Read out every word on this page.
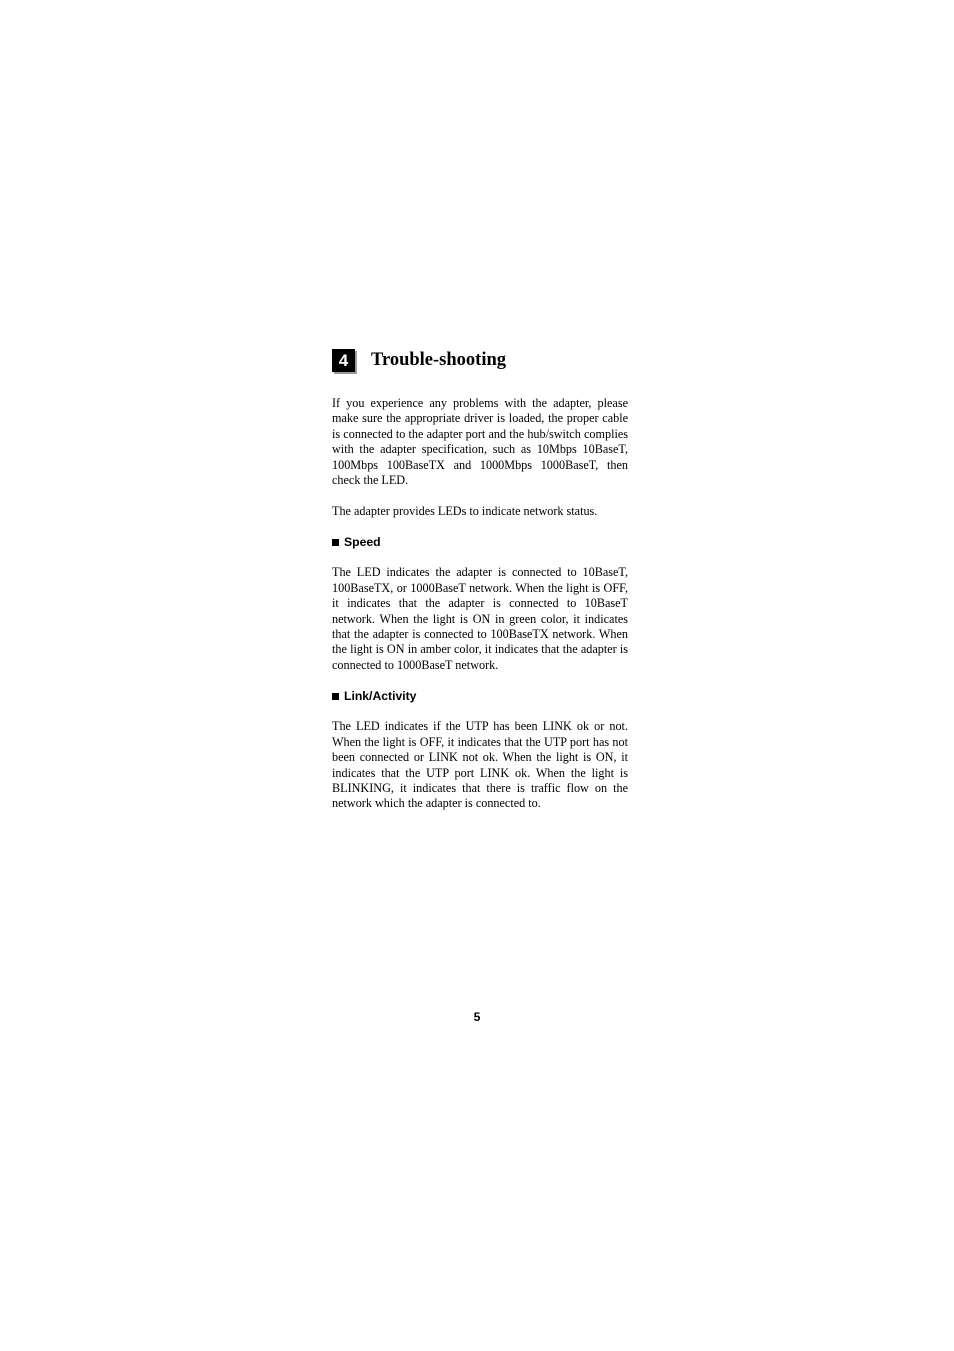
4	Trouble-shooting

If you experience any problems with the adapter, please make sure the appropriate driver is loaded, the proper cable is connected to the adapter port and the hub/switch complies with the adapter specification, such as 10Mbps 10BaseT, 100Mbps 100BaseTX and 1000Mbps 1000BaseT, then check the LED.

The adapter provides LEDs to indicate network status.

Speed

The LED indicates the adapter is connected to 10BaseT, 100BaseTX, or 1000BaseT network. When the light is OFF, it indicates that the adapter is connected to 10BaseT network. When the light is ON in green color, it indicates that the adapter is connected to 100BaseTX network. When the light is ON in amber color, it indicates that the adapter is connected to 1000BaseT network.

Link/Activity

The LED indicates if the UTP has been LINK ok or not. When the light is OFF, it indicates that the UTP port has not been connected or LINK not ok. When the light is ON, it indicates that the UTP port LINK ok. When the light is BLINKING, it indicates that there is traffic flow on the network which the adapter is connected to.

5
